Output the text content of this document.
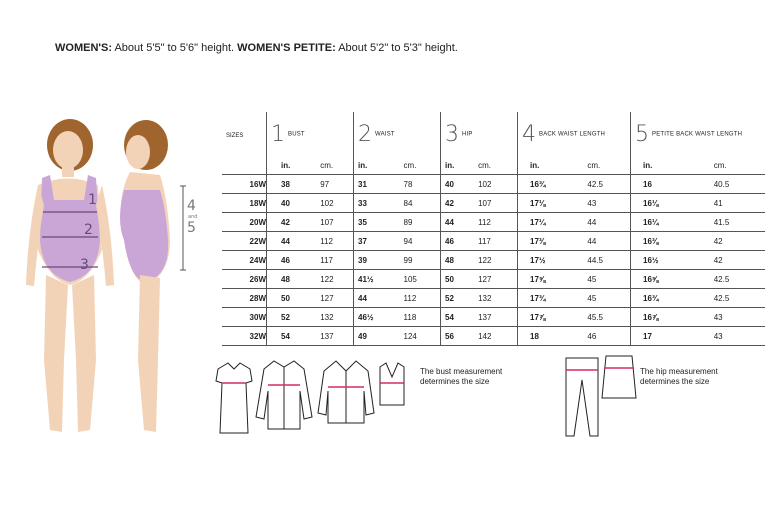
WOMEN'S: About 5'5" to 5'6" height. WOMEN'S PETITE: About 5'2" to 5'3" height.
1
2
3
4
and
5
SIZES	1 BUST		2 WAIST		3 HIP		4 BACK WAIST LENGTH		5 PETITE BACK WAIST LENGTH	
	in.	cm.	in.	cm.	in.	cm.	in.	cm.	in.	cm.
16W	38	97	31	78	40	102	16¾	42.5	16	40.5
18W	40	102	33	84	42	107	17⅛	43	16⅛	41
20W	42	107	35	89	44	112	17¼	44	16¼	41.5
22W	44	112	37	94	46	117	17⅜	44	16⅜	42
24W	46	117	39	99	48	122	17½	44.5	16½	42
26W	48	122	41½	105	50	127	17⅝	45	16⅝	42.5
28W	50	127	44	112	52	132	17¾	45	16¾	42.5
30W	52	132	46½	118	54	137	17⅞	45.5	16⅞	43
32W	54	137	49	124	56	142	18	46	17	43
The bust measurement
determines the size
The hip measurement
determines the size
